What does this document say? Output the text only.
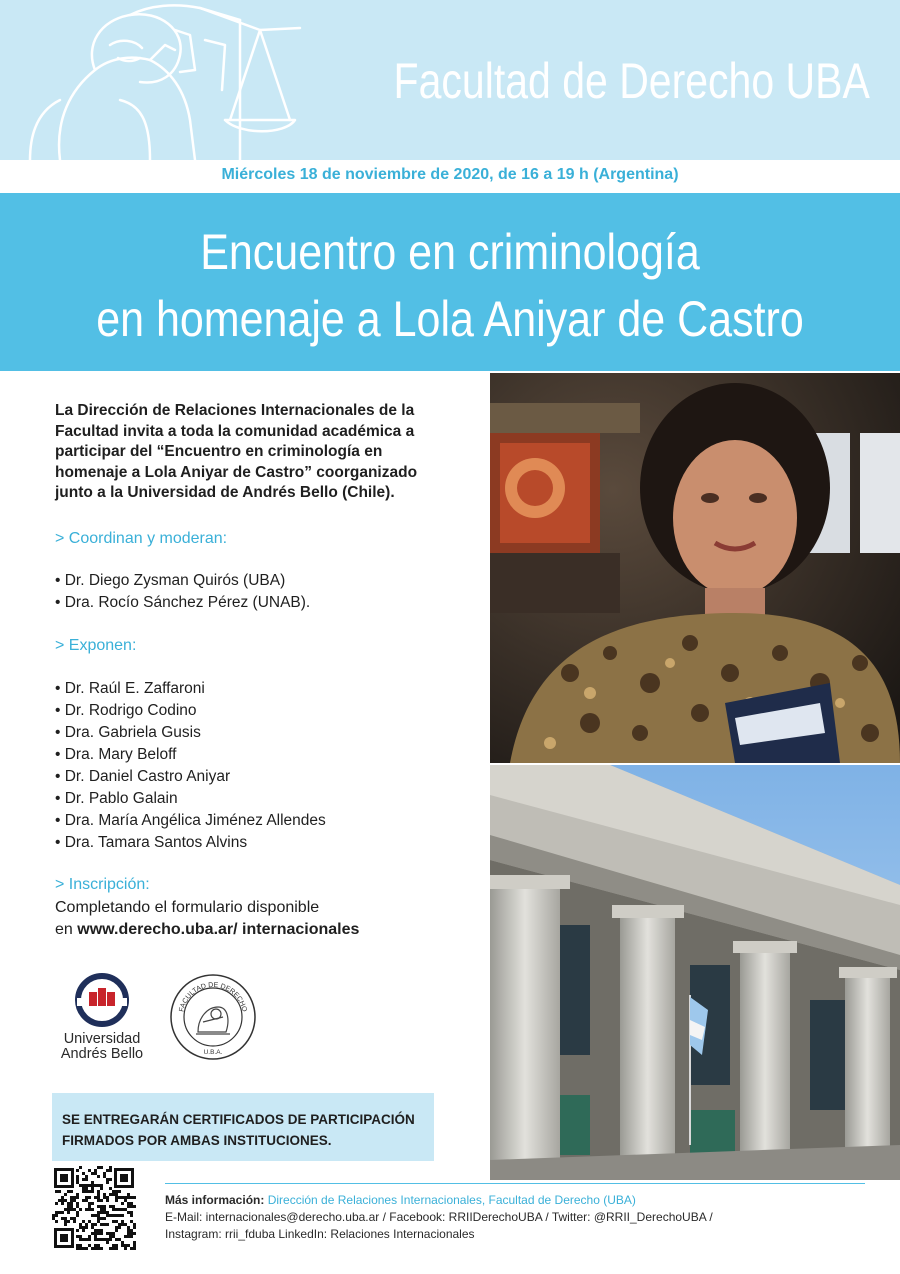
Facultad de Derecho UBA
Miércoles 18 de noviembre de 2020, de 16 a 19 h (Argentina)
Encuentro en criminología
en homenaje a Lola Aniyar de Castro
La Dirección de Relaciones Internacionales de la
Facultad invita a toda la comunidad académica a
participar del “Encuentro en criminología en
homenaje a Lola Aniyar de Castro” coorganizado
junto a la Universidad de Andrés Bello (Chile).
> Coordinan y moderan:
• Dr. Diego Zysman Quirós (UBA)
• Dra. Rocío Sánchez Pérez (UNAB).
> Exponen:
• Dr. Raúl E. Zaffaroni
• Dr. Rodrigo Codino
• Dra. Gabriela Gusis
• Dra. Mary Beloff
• Dr. Daniel Castro Aniyar
• Dr. Pablo Galain
• Dra. María Angélica Jiménez Allendes
• Dra. Tamara Santos Alvins
> Inscripción:
Completando el formulario disponible
en www.derecho.uba.ar/ internacionales
Universidad
Andrés Bello
FACULTAD DE DERECHO
U.B.A.
SE ENTREGARÁN CERTIFICADOS DE PARTICIPACIÓN
FIRMADOS POR AMBAS INSTITUCIONES.
Más información: Dirección de Relaciones Internacionales, Facultad de Derecho (UBA)
E-Mail: internacionales@derecho.uba.ar / Facebook: RRIIDerechoUBA / Twitter: @RRII_DerechoUBA /
Instagram: rrii_fduba LinkedIn: Relaciones Internacionales
